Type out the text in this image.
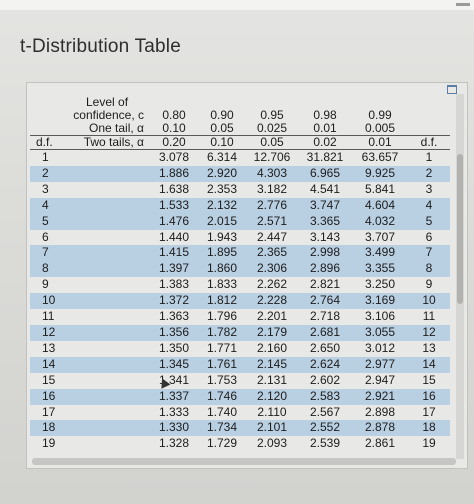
t-Distribution Table
Level of							
confidence, c		0.80	0.90	0.95	0.98	0.99	
One tail, α		0.10	0.05	0.025	0.01	0.005	
d.f.	Two tails, α	0.20	0.10	0.05	0.02	0.01	d.f.
1		3.078	6.314	12.706	31.821	63.657	1
2		1.886	2.920	4.303	6.965	9.925	2
3		1.638	2.353	3.182	4.541	5.841	3
4		1.533	2.132	2.776	3.747	4.604	4
5		1.476	2.015	2.571	3.365	4.032	5
6		1.440	1.943	2.447	3.143	3.707	6
7		1.415	1.895	2.365	2.998	3.499	7
8		1.397	1.860	2.306	2.896	3.355	8
9		1.383	1.833	2.262	2.821	3.250	9
10		1.372	1.812	2.228	2.764	3.169	10
11		1.363	1.796	2.201	2.718	3.106	11
12		1.356	1.782	2.179	2.681	3.055	12
13		1.350	1.771	2.160	2.650	3.012	13
14		1.345	1.761	2.145	2.624	2.977	14
15		1.341	1.753	2.131	2.602	2.947	15
16		1.337	1.746	2.120	2.583	2.921	16
17		1.333	1.740	2.110	2.567	2.898	17
18		1.330	1.734	2.101	2.552	2.878	18
19		1.328	1.729	2.093	2.539	2.861	19
